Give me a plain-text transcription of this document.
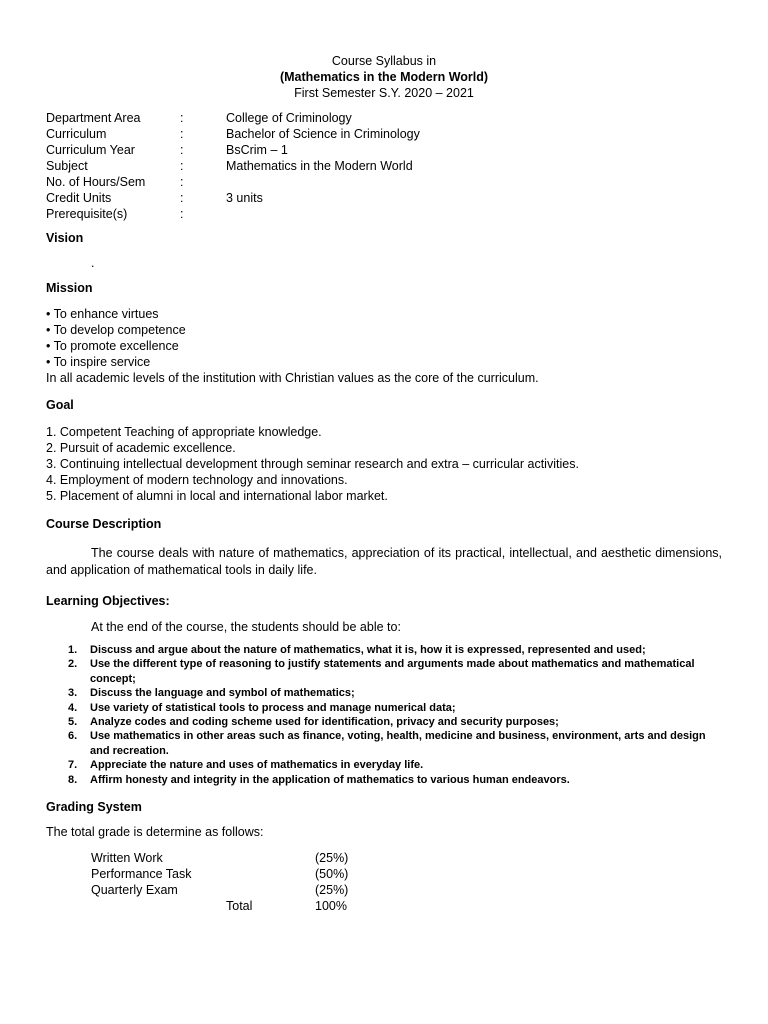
Course Syllabus in
(Mathematics in the Modern World)
First Semester S.Y. 2020 – 2021
Department Area	:	College of Criminology
Curriculum	:	Bachelor of Science in Criminology
Curriculum Year	:	BsCrim – 1
Subject	:	Mathematics in the Modern World
No. of Hours/Sem	:
Credit Units	:	3 units
Prerequisite(s)	:
Vision
.
Mission
• To enhance virtues
• To develop competence
• To promote excellence
• To inspire service
In all academic levels of the institution with Christian values as the core of the curriculum.
Goal
1. Competent Teaching of appropriate knowledge.
2. Pursuit of academic excellence.
3. Continuing intellectual development through seminar research and extra – curricular activities.
4. Employment of modern technology and innovations.
5. Placement of alumni in local and international labor market.
Course Description
The course deals with nature of mathematics, appreciation of its practical, intellectual, and aesthetic dimensions, and application of mathematical tools in daily life.
Learning Objectives:
At the end of the course, the students should be able to:
1. Discuss and argue about the nature of mathematics, what it is, how it is expressed, represented and used;
2. Use the different type of reasoning to justify statements and arguments made about mathematics and mathematical concept;
3. Discuss the language and symbol of mathematics;
4. Use variety of statistical tools to process and manage numerical data;
5. Analyze codes and coding scheme used for identification, privacy and security purposes;
6. Use mathematics in other areas such as finance, voting, health, medicine and business, environment, arts and design and recreation.
7. Appreciate the nature and uses of mathematics in everyday life.
8. Affirm honesty and integrity in the application of mathematics to various human endeavors.
Grading System
The total grade is determine as follows:
Written Work	(25%)
Performance Task	(50%)
Quarterly Exam	(25%)
Total	100%
